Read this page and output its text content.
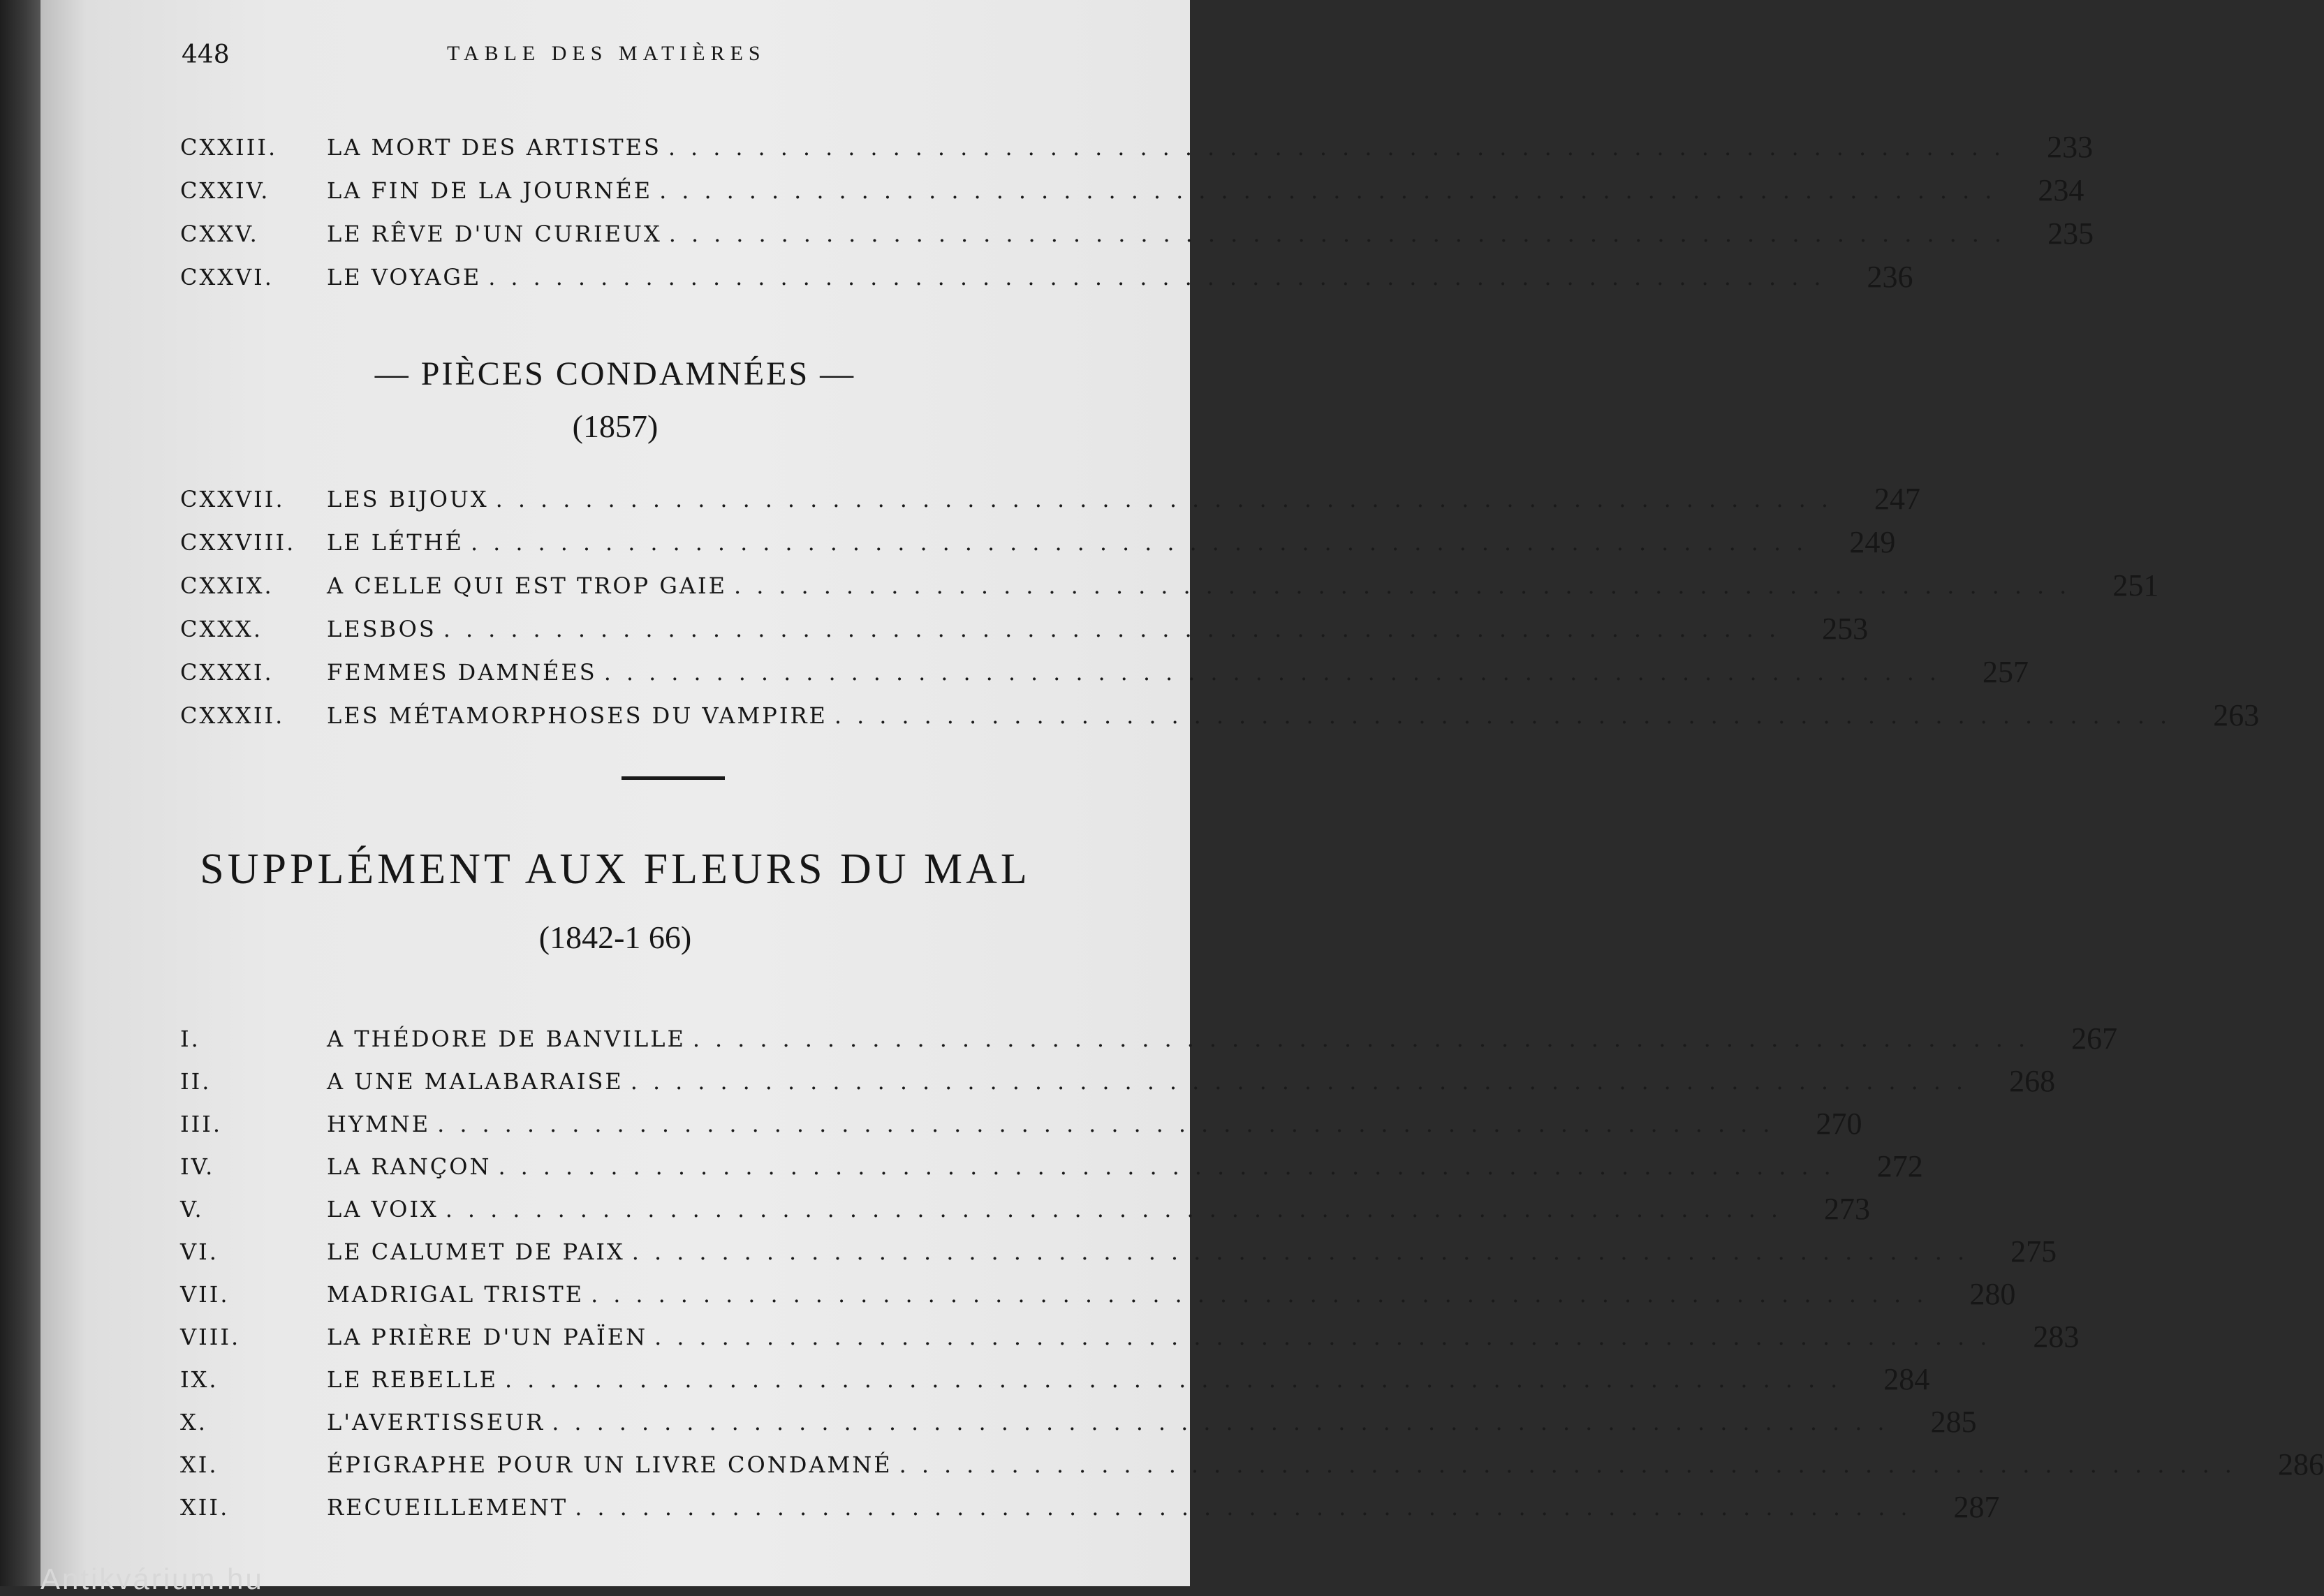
448	TABLE DES MATIÈRES
CXXIII.	LA MORT DES ARTISTES ............................................................	233
CXXIV.	LA FIN DE LA JOURNÉE ............................................................	234
CXXV.	LE RÊVE D'UN CURIEUX ............................................................	235
CXXVI.	LE VOYAGE ............................................................	236
— PIÈCES CONDAMNÉES —
(1857)
CXXVII.	LES BIJOUX ............................................................	247
CXXVIII.	LE LÉTHÉ ............................................................	249
CXXIX.	A CELLE QUI EST TROP GAIE ............................................................	251
CXXX.	LESBOS ............................................................	253
CXXXI.	FEMMES DAMNÉES ............................................................	257
CXXXII.	LES MÉTAMORPHOSES DU VAMPIRE ............................................................	263
SUPPLÉMENT AUX FLEURS DU MAL
(1842-1 66)
I.	A THÉDORE DE BANVILLE ............................................................	267
II.	A UNE MALABARAISE ............................................................	268
III.	HYMNE ............................................................	270
IV.	LA RANÇON ............................................................	272
V.	LA VOIX ............................................................	273
VI.	LE CALUMET DE PAIX ............................................................	275
VII.	MADRIGAL TRISTE ............................................................	280
VIII.	LA PRIÈRE D'UN PAÏEN ............................................................	283
IX.	LE REBELLE ............................................................	284
X.	L'AVERTISSEUR ............................................................	285
XI.	ÉPIGRAPHE POUR UN LIVRE CONDAMNÉ ............................................................	286
XII.	RECUEILLEMENT ............................................................	287
Antikvárium.hu
